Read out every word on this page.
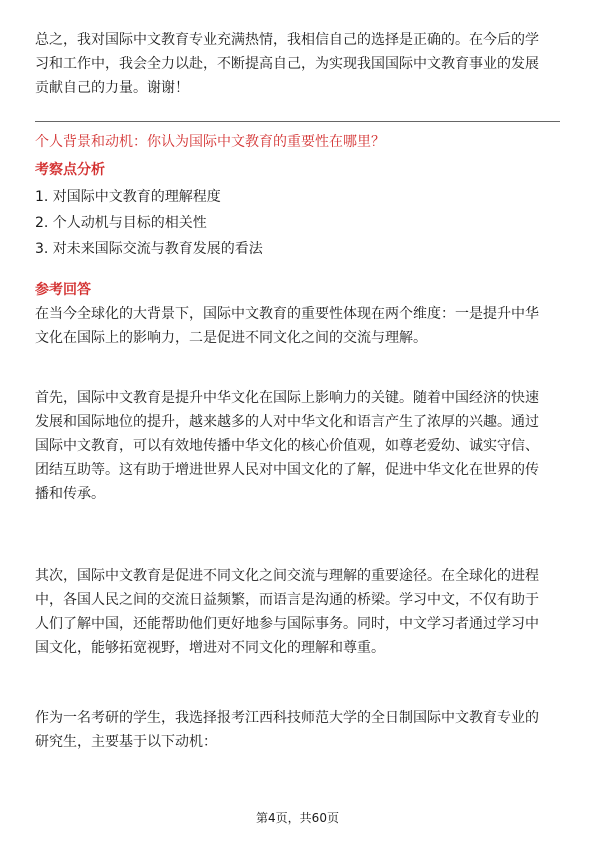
总之，我对国际中文教育专业充满热情，我相信自己的选择是正确的。在今后的学
习和工作中，我会全力以赴，不断提高自己，为实现我国国际中文教育事业的发展
贡献自己的力量。谢谢！
个人背景和动机：你认为国际中文教育的重要性在哪里？
考察点分析
1. 对国际中文教育的理解程度
2. 个人动机与目标的相关性
3. 对未来国际交流与教育发展的看法
参考回答
在当今全球化的大背景下，国际中文教育的重要性体现在两个维度：一是提升中华
文化在国际上的影响力，二是促进不同文化之间的交流与理解。
首先，国际中文教育是提升中华文化在国际上影响力的关键。随着中国经济的快速
发展和国际地位的提升，越来越多的人对中华文化和语言产生了浓厚的兴趣。通过
国际中文教育，可以有效地传播中华文化的核心价值观，如尊老爱幼、诚实守信、
团结互助等。这有助于增进世界人民对中国文化的了解，促进中华文化在世界的传
播和传承。
其次，国际中文教育是促进不同文化之间交流与理解的重要途径。在全球化的进程
中，各国人民之间的交流日益频繁，而语言是沟通的桥梁。学习中文，不仅有助于
人们了解中国，还能帮助他们更好地参与国际事务。同时，中文学习者通过学习中
国文化，能够拓宽视野，增进对不同文化的理解和尊重。
作为一名考研的学生，我选择报考江西科技师范大学的全日制国际中文教育专业的
研究生，主要基于以下动机：
第4页，共60页
